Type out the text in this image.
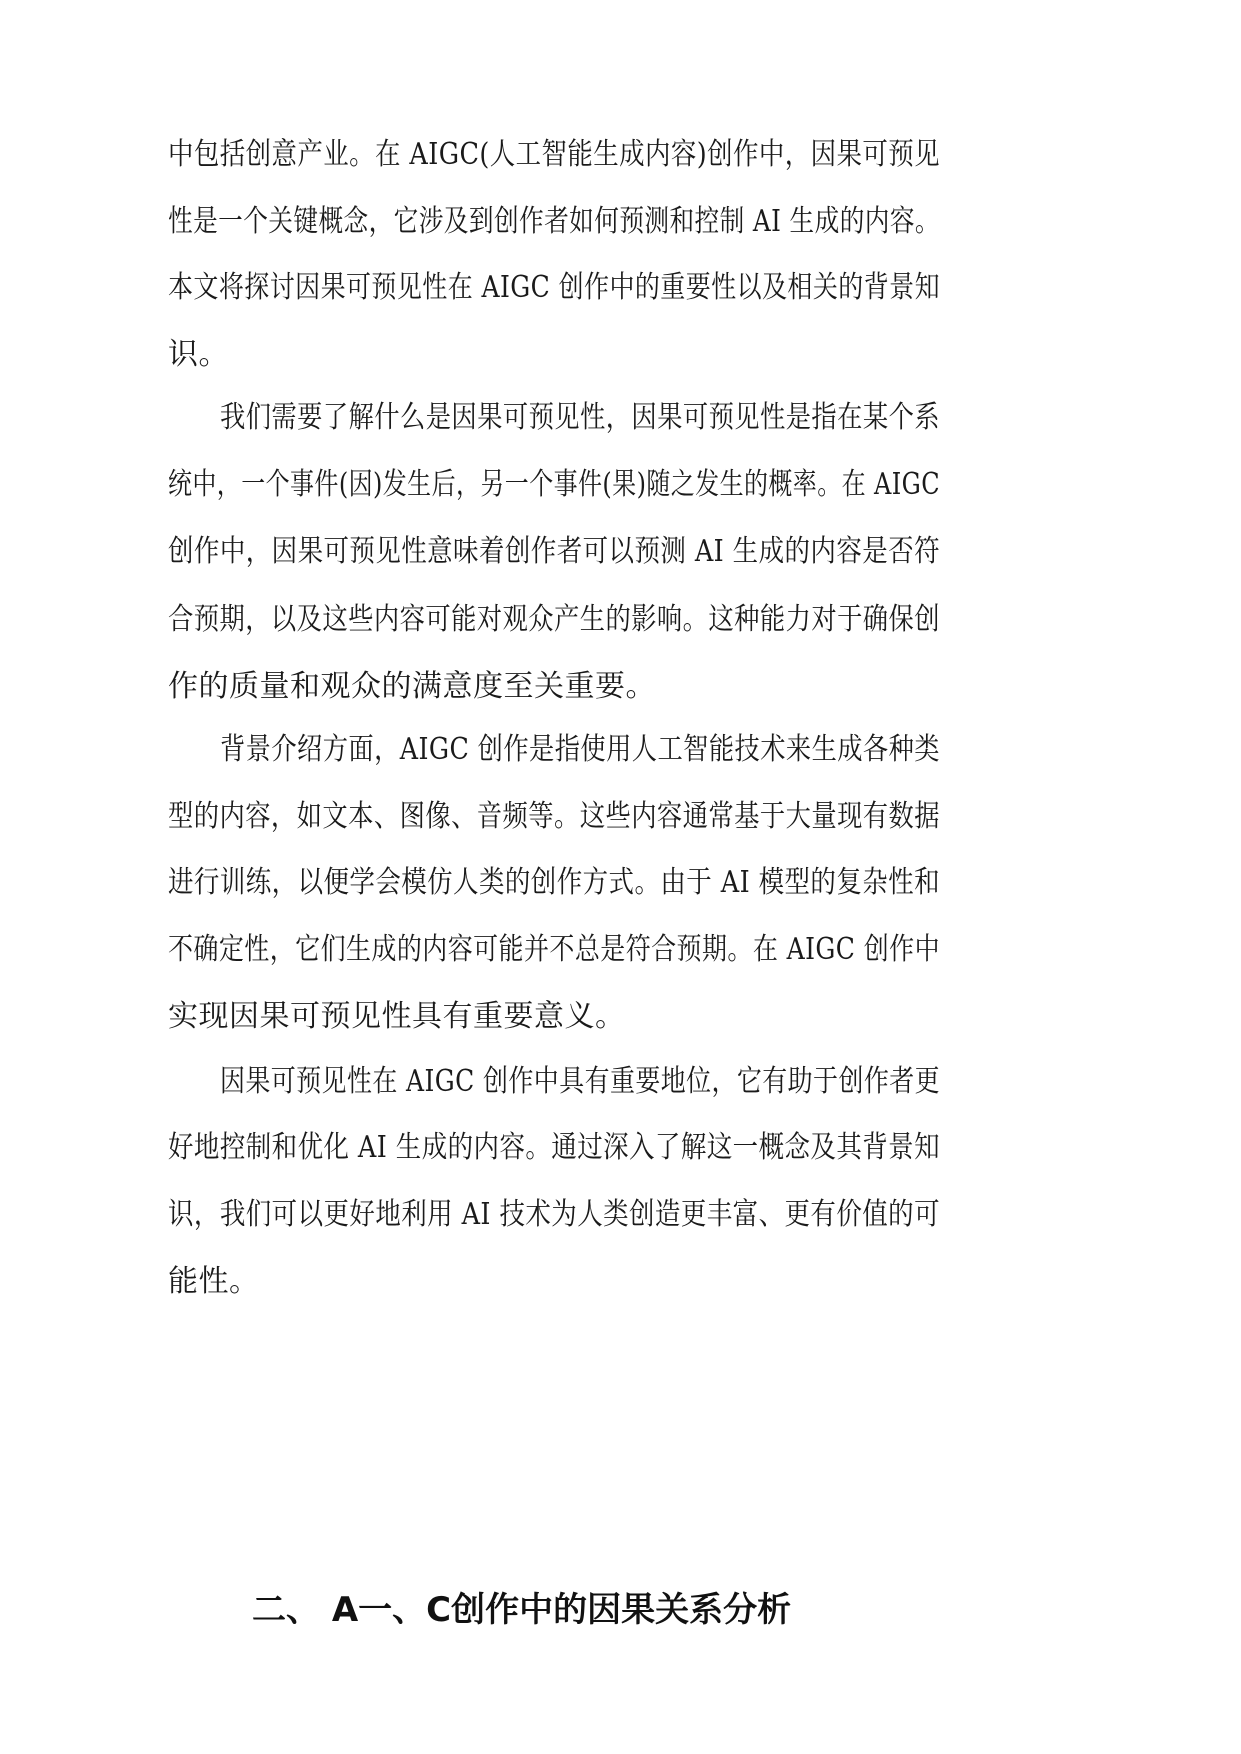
中包括创意产业。在 AIGC(人工智能生成内容)创作中，因果可预见

性是一个关键概念，它涉及到创作者如何预测和控制 AI 生成的内容。

本文将探讨因果可预见性在 AIGC 创作中的重要性以及相关的背景知

识。

我们需要了解什么是因果可预见性，因果可预见性是指在某个系

统中，一个事件(因)发生后，另一个事件(果)随之发生的概率。在 AIGC

创作中，因果可预见性意味着创作者可以预测 AI 生成的内容是否符

合预期，以及这些内容可能对观众产生的影响。这种能力对于确保创

作的质量和观众的满意度至关重要。

背景介绍方面，AIGC 创作是指使用人工智能技术来生成各种类

型的内容，如文本、图像、音频等。这些内容通常基于大量现有数据

进行训练，以便学会模仿人类的创作方式。由于 AI 模型的复杂性和

不确定性，它们生成的内容可能并不总是符合预期。在 AIGC 创作中

实现因果可预见性具有重要意义。

因果可预见性在 AIGC 创作中具有重要地位，它有助于创作者更

好地控制和优化 AI 生成的内容。通过深入了解这一概念及其背景知

识，我们可以更好地利用 AI 技术为人类创造更丰富、更有价值的可

能性。

二、 A一、C创作中的因果关系分析
